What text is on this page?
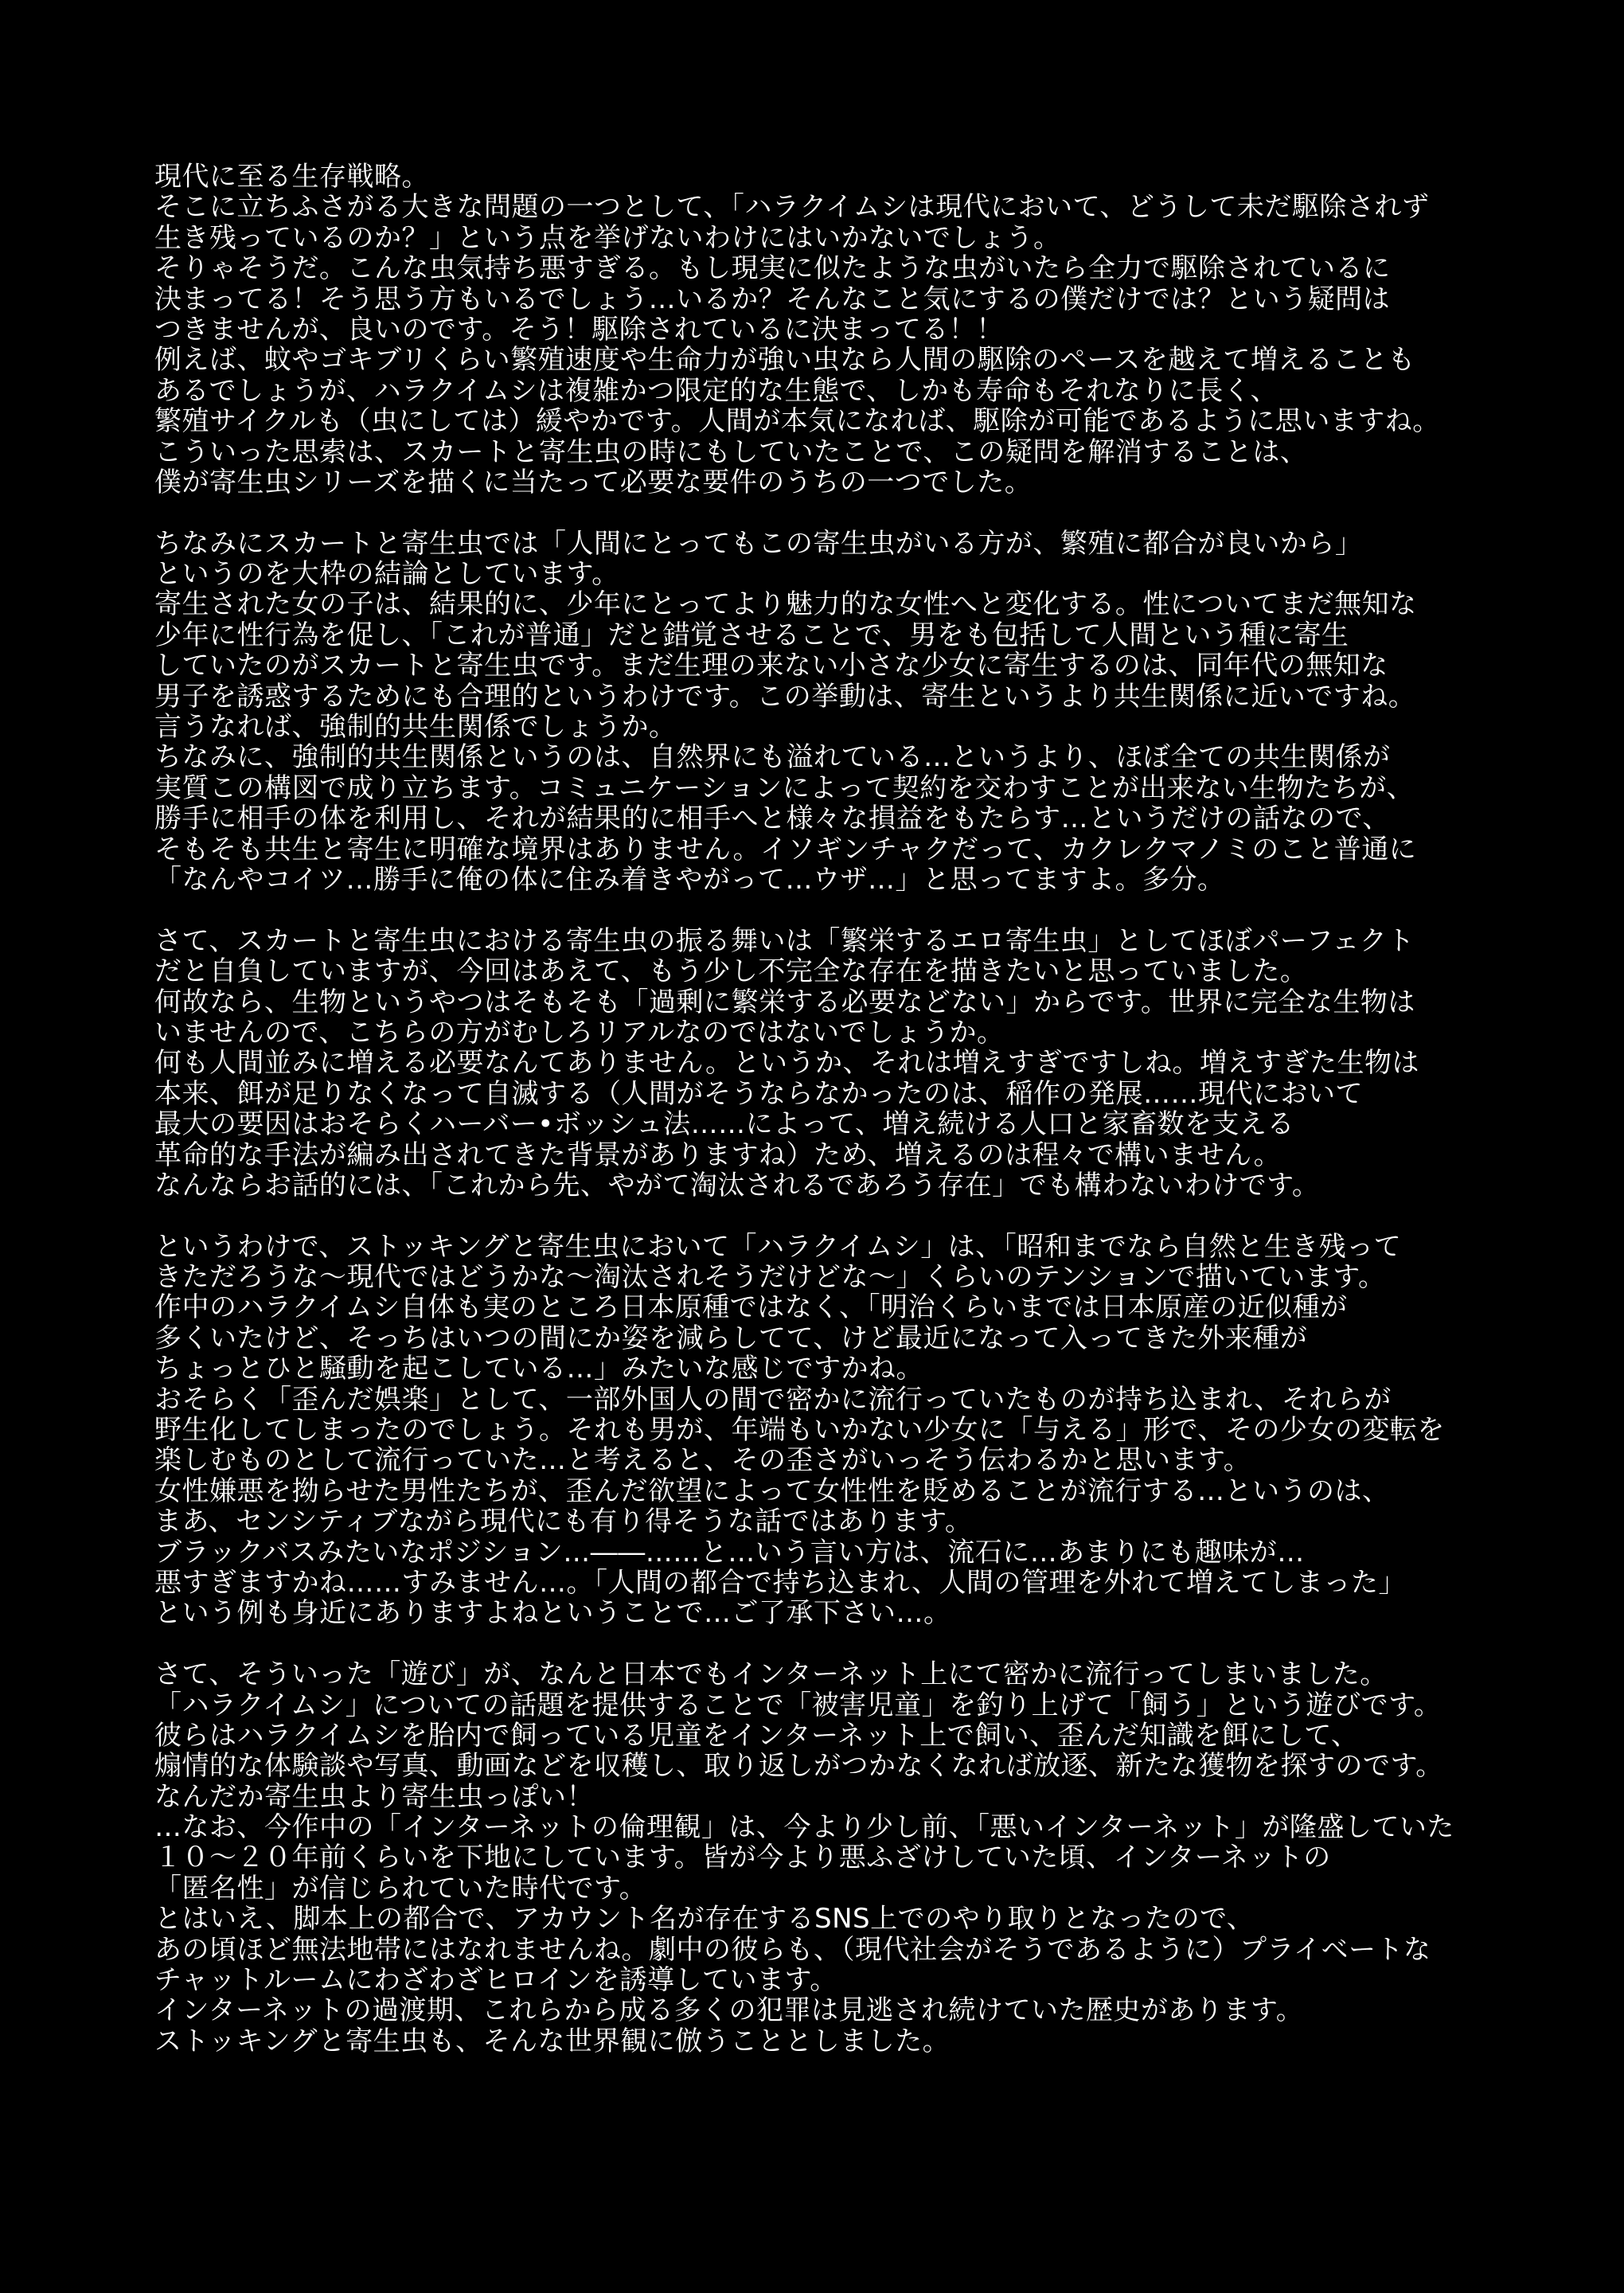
現代に至る生存戦略。
そこに立ちふさがる大きな問題の一つとして、「ハラクイムシは現代において、どうして未だ駆除されず
生き残っているのか？」という点を挙げないわけにはいかないでしょう。
そりゃそうだ。こんな虫気持ち悪すぎる。もし現実に似たような虫がいたら全力で駆除されているに
決まってる！そう思う方もいるでしょう…いるか？そんなこと気にするの僕だけでは？という疑問は
つきませんが、良いのです。そう！駆除されているに決まってる！！
例えば、蚊やゴキブリくらい繁殖速度や生命力が強い虫なら人間の駆除のペースを越えて増えることも
あるでしょうが、ハラクイムシは複雑かつ限定的な生態で、しかも寿命もそれなりに長く、
繁殖サイクルも（虫にしては）緩やかです。人間が本気になれば、駆除が可能であるように思いますね。
こういった思索は、スカートと寄生虫の時にもしていたことで、この疑問を解消することは、
僕が寄生虫シリーズを描くに当たって必要な要件のうちの一つでした。
ちなみにスカートと寄生虫では「人間にとってもこの寄生虫がいる方が、繁殖に都合が良いから」
というのを大枠の結論としています。
寄生された女の子は、結果的に、少年にとってより魅力的な女性へと変化する。性についてまだ無知な
少年に性行為を促し、「これが普通」だと錯覚させることで、男をも包括して人間という種に寄生
していたのがスカートと寄生虫です。まだ生理の来ない小さな少女に寄生するのは、同年代の無知な
男子を誘惑するためにも合理的というわけです。この挙動は、寄生というより共生関係に近いですね。
言うなれば、強制的共生関係でしょうか。
ちなみに、強制的共生関係というのは、自然界にも溢れている…というより、ほぼ全ての共生関係が
実質この構図で成り立ちます。コミュニケーションによって契約を交わすことが出来ない生物たちが、
勝手に相手の体を利用し、それが結果的に相手へと様々な損益をもたらす…というだけの話なので、
そもそも共生と寄生に明確な境界はありません。イソギンチャクだって、カクレクマノミのこと普通に
「なんやコイツ…勝手に俺の体に住み着きやがって…ウザ…」と思ってますよ。多分。
さて、スカートと寄生虫における寄生虫の振る舞いは「繁栄するエロ寄生虫」としてほぼパーフェクト
だと自負していますが、今回はあえて、もう少し不完全な存在を描きたいと思っていました。
何故なら、生物というやつはそもそも「過剰に繁栄する必要などない」からです。世界に完全な生物は
いませんので、こちらの方がむしろリアルなのではないでしょうか。
何も人間並みに増える必要なんてありません。というか、それは増えすぎですしね。増えすぎた生物は
本来、餌が足りなくなって自滅する（人間がそうならなかったのは、稲作の発展……現代において
最大の要因はおそらくハーバー•ボッシュ法……によって、増え続ける人口と家畜数を支える
革命的な手法が編み出されてきた背景がありますね）ため、増えるのは程々で構いません。
なんならお話的には、「これから先、やがて淘汰されるであろう存在」でも構わないわけです。
というわけで、ストッキングと寄生虫において「ハラクイムシ」は、「昭和までなら自然と生き残って
きただろうな〜現代ではどうかな〜淘汰されそうだけどな〜」くらいのテンションで描いています。
作中のハラクイムシ自体も実のところ日本原種ではなく、「明治くらいまでは日本原産の近似種が
多くいたけど、そっちはいつの間にか姿を減らしてて、けど最近になって入ってきた外来種が
ちょっとひと騒動を起こしている…」みたいな感じですかね。
おそらく「歪んだ娯楽」として、一部外国人の間で密かに流行っていたものが持ち込まれ、それらが
野生化してしまったのでしょう。それも男が、年端もいかない少女に「与える」形で、その少女の変転を
楽しむものとして流行っていた…と考えると、その歪さがいっそう伝わるかと思います。
女性嫌悪を拗らせた男性たちが、歪んだ欲望によって女性性を貶めることが流行する…というのは、
まあ、センシティブながら現代にも有り得そうな話ではあります。
ブラックバスみたいなポジション…――……と…いう言い方は、流石に…あまりにも趣味が…
悪すぎますかね……すみません…。「人間の都合で持ち込まれ、人間の管理を外れて増えてしまった」
という例も身近にありますよねということで…ご了承下さい…。
さて、そういった「遊び」が、なんと日本でもインターネット上にて密かに流行ってしまいました。
「ハラクイムシ」についての話題を提供することで「被害児童」を釣り上げて「飼う」という遊びです。
彼らはハラクイムシを胎内で飼っている児童をインターネット上で飼い、歪んだ知識を餌にして、
煽情的な体験談や写真、動画などを収穫し、取り返しがつかなくなれば放逐、新たな獲物を探すのです。
なんだか寄生虫より寄生虫っぽい！
…なお、今作中の「インターネットの倫理観」は、今より少し前、「悪いインターネット」が隆盛していた
１０〜２０年前くらいを下地にしています。皆が今より悪ふざけしていた頃、インターネットの
「匿名性」が信じられていた時代です。
とはいえ、脚本上の都合で、アカウント名が存在するSNS上でのやり取りとなったので、
あの頃ほど無法地帯にはなれませんね。劇中の彼らも、（現代社会がそうであるように）プライベートな
チャットルームにわざわざヒロインを誘導しています。
インターネットの過渡期、これらから成る多くの犯罪は見逃され続けていた歴史があります。
ストッキングと寄生虫も、そんな世界観に倣うこととしました。
